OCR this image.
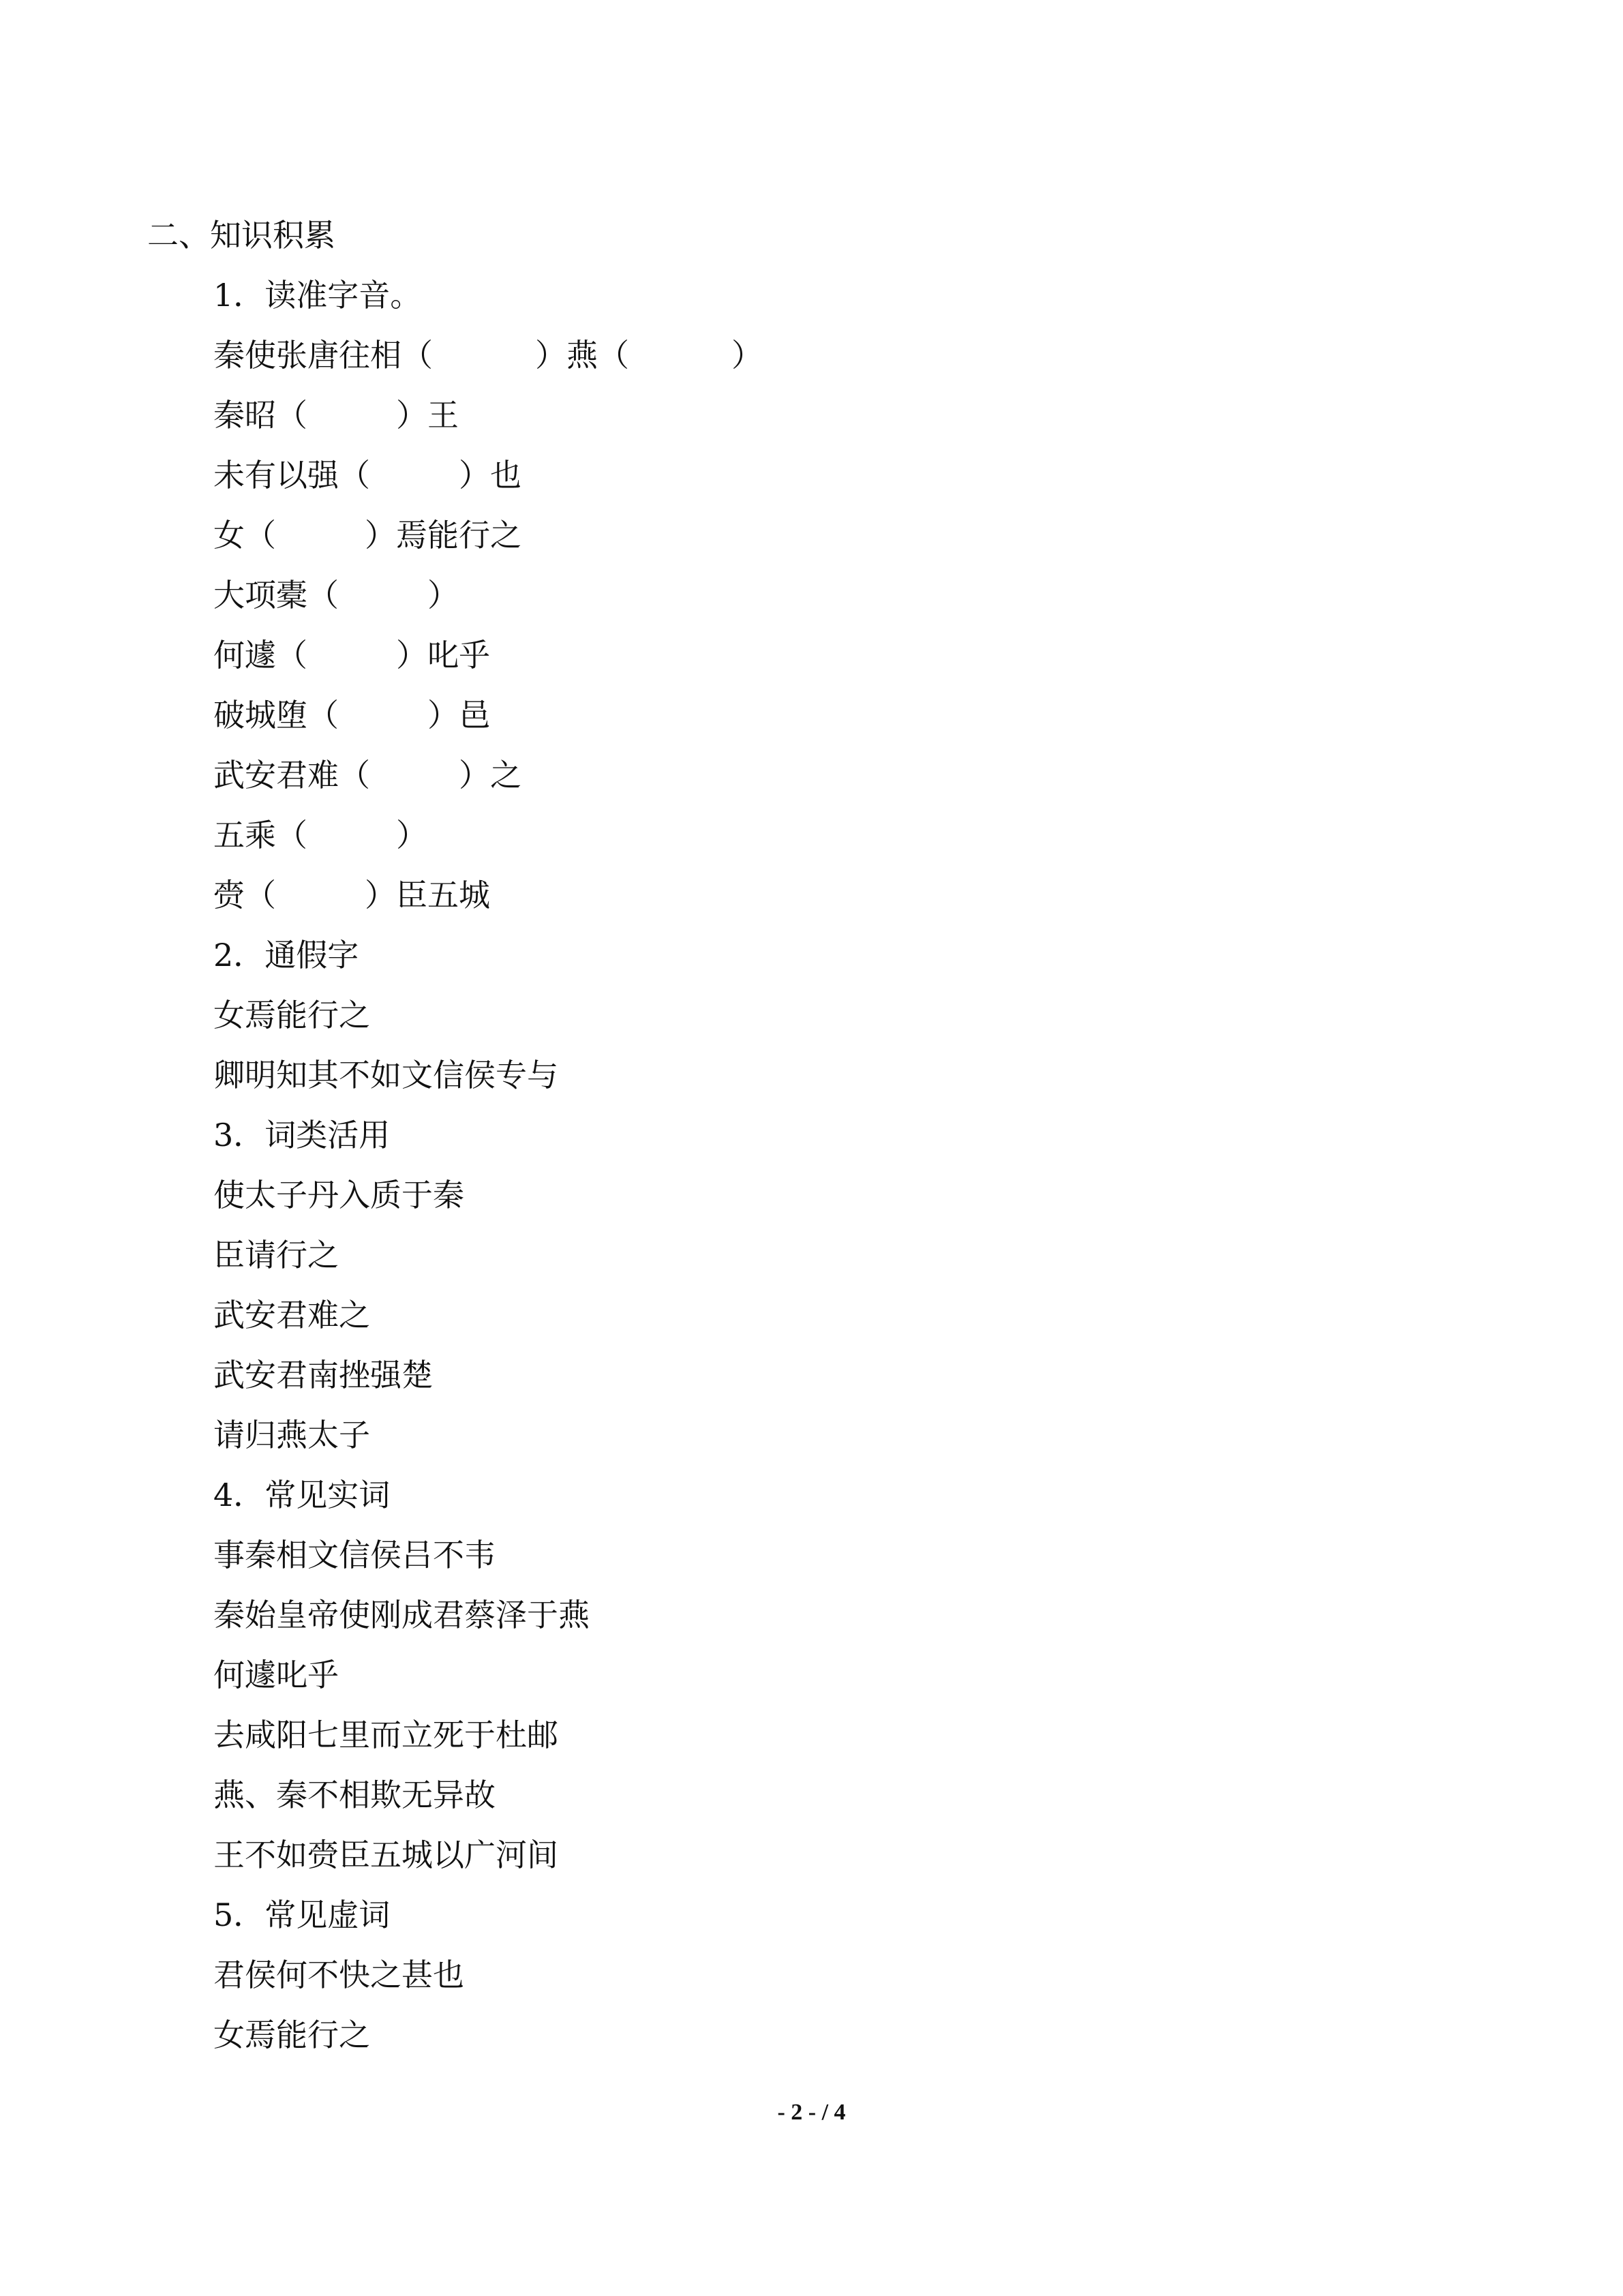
二、知识积累
1．读准字音。
秦使张唐往相（	）燕（	）
秦昭（	）王
未有以强（	）也
女（	）焉能行之
大项橐（	）
何遽（	）叱乎
破城堕（	）邑
武安君难（	）之
五乘（	）
赍（	）臣五城
2．通假字
女焉能行之
卿明知其不如文信侯专与
3．词类活用
使太子丹入质于秦
臣请行之
武安君难之
武安君南挫强楚
请归燕太子
4．常见实词
事秦相文信侯吕不韦
秦始皇帝使刚成君蔡泽于燕
何遽叱乎
去咸阳七里而立死于杜邮
燕、秦不相欺无异故
王不如赍臣五城以广河间
5．常见虚词
君侯何不快之甚也
女焉能行之
- 2 - / 4
